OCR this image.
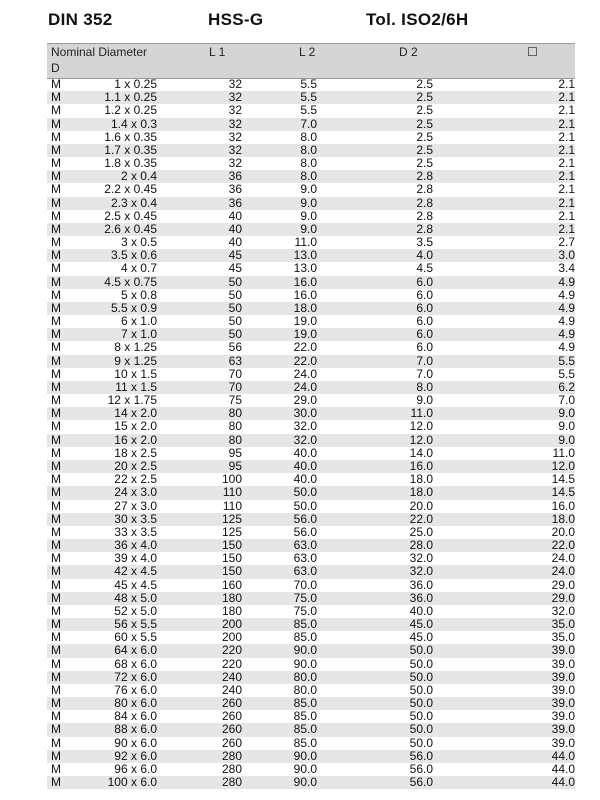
DIN 352	HSS-G	Tol. ISO2/6H
Nominal Diameter
D
L 1	L 2	D 2	☐
M	1 x 0.25	32	5.5	2.5	2.1
M	1.1 x 0.25	32	5.5	2.5	2.1
M	1.2 x 0.25	32	5.5	2.5	2.1
M	1.4 x 0.3	32	7.0	2.5	2.1
M	1.6 x 0.35	32	8.0	2.5	2.1
M	1.7 x 0.35	32	8.0	2.5	2.1
M	1.8 x 0.35	32	8.0	2.5	2.1
M	2 x 0.4	36	8.0	2.8	2.1
M	2.2 x 0.45	36	9.0	2.8	2.1
M	2.3 x 0.4	36	9.0	2.8	2.1
M	2.5 x 0.45	40	9.0	2.8	2.1
M	2.6 x 0.45	40	9.0	2.8	2.1
M	3 x 0.5	40	11.0	3.5	2.7
M	3.5 x 0.6	45	13.0	4.0	3.0
M	4 x 0.7	45	13.0	4.5	3.4
M	4.5 x 0.75	50	16.0	6.0	4.9
M	5 x 0.8	50	16.0	6.0	4.9
M	5.5 x 0.9	50	18.0	6.0	4.9
M	6 x 1.0	50	19.0	6.0	4.9
M	7 x 1.0	50	19.0	6.0	4.9
M	8 x 1.25	56	22.0	6.0	4.9
M	9 x 1.25	63	22.0	7.0	5.5
M	10 x 1.5	70	24.0	7.0	5.5
M	11 x 1.5	70	24.0	8.0	6.2
M	12 x 1.75	75	29.0	9.0	7.0
M	14 x 2.0	80	30.0	11.0	9.0
M	15 x 2.0	80	32.0	12.0	9.0
M	16 x 2.0	80	32.0	12.0	9.0
M	18 x 2.5	95	40.0	14.0	11.0
M	20 x 2.5	95	40.0	16.0	12.0
M	22 x 2.5	100	40.0	18.0	14.5
M	24 x 3.0	110	50.0	18.0	14.5
M	27 x 3.0	110	50.0	20.0	16.0
M	30 x 3.5	125	56.0	22.0	18.0
M	33 x 3.5	125	56.0	25.0	20.0
M	36 x 4.0	150	63.0	28.0	22.0
M	39 x 4.0	150	63.0	32.0	24.0
M	42 x 4.5	150	63.0	32.0	24.0
M	45 x 4.5	160	70.0	36.0	29.0
M	48 x 5.0	180	75.0	36.0	29.0
M	52 x 5.0	180	75.0	40.0	32.0
M	56 x 5.5	200	85.0	45.0	35.0
M	60 x 5.5	200	85.0	45.0	35.0
M	64 x 6.0	220	90.0	50.0	39.0
M	68 x 6.0	220	90.0	50.0	39.0
M	72 x 6.0	240	80.0	50.0	39.0
M	76 x 6.0	240	80.0	50.0	39.0
M	80 x 6.0	260	85.0	50.0	39.0
M	84 x 6.0	260	85.0	50.0	39.0
M	88 x 6.0	260	85.0	50.0	39.0
M	90 x 6.0	260	85.0	50.0	39.0
M	92 x 6.0	280	90.0	56.0	44.0
M	96 x 6.0	280	90.0	56.0	44.0
M	100 x 6.0	280	90.0	56.0	44.0
